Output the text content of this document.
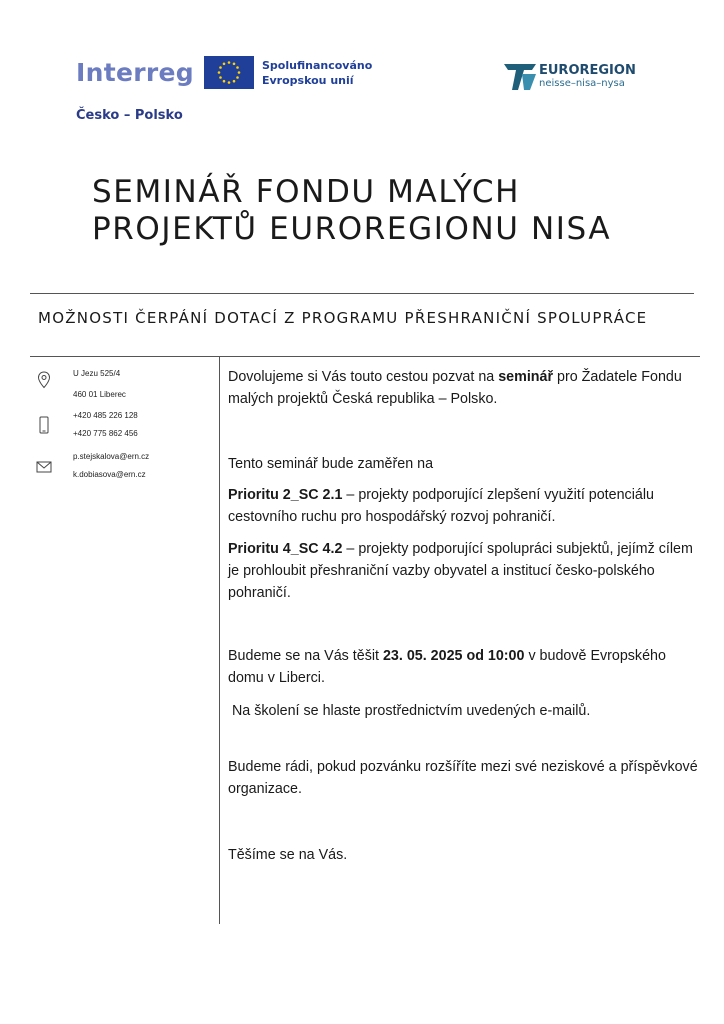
Interreg	Spolufinancováno
Evropskou unií
Česko – Polsko
EUROREGION
neisse–nisa–nysa
SEMINÁŘ FONDU MALÝCH
PROJEKTŮ EUROREGIONU NISA
MOŽNOSTI ČERPÁNÍ DOTACÍ Z PROGRAMU PŘESHRANIČNÍ SPOLUPRÁCE
U Jezu 525/4
460 01 Liberec
+420 485 226 128
+420 775 862 456
p.stejskalova@ern.cz
k.dobiasova@ern.cz
Dovolujeme si Vás touto cestou pozvat na seminář pro Žadatele Fondu malých projektů Česká republika – Polsko.
Tento seminář bude zaměřen na
Prioritu 2_SC 2.1 – projekty podporující zlepšení využití potenciálu cestovního ruchu pro hospodářský rozvoj pohraničí.
Prioritu 4_SC 4.2 – projekty podporující spolupráci subjektů, jejímž cílem je prohloubit přeshraniční vazby obyvatel a institucí česko-polského pohraničí.
Budeme se na Vás těšit 23. 05. 2025 od 10:00 v budově Evropského domu v Liberci.
Na školení se hlaste prostřednictvím uvedených e-mailů.
Budeme rádi, pokud pozvánku rozšíříte mezi své neziskové a příspěvkové organizace.
Těšíme se na Vás.
